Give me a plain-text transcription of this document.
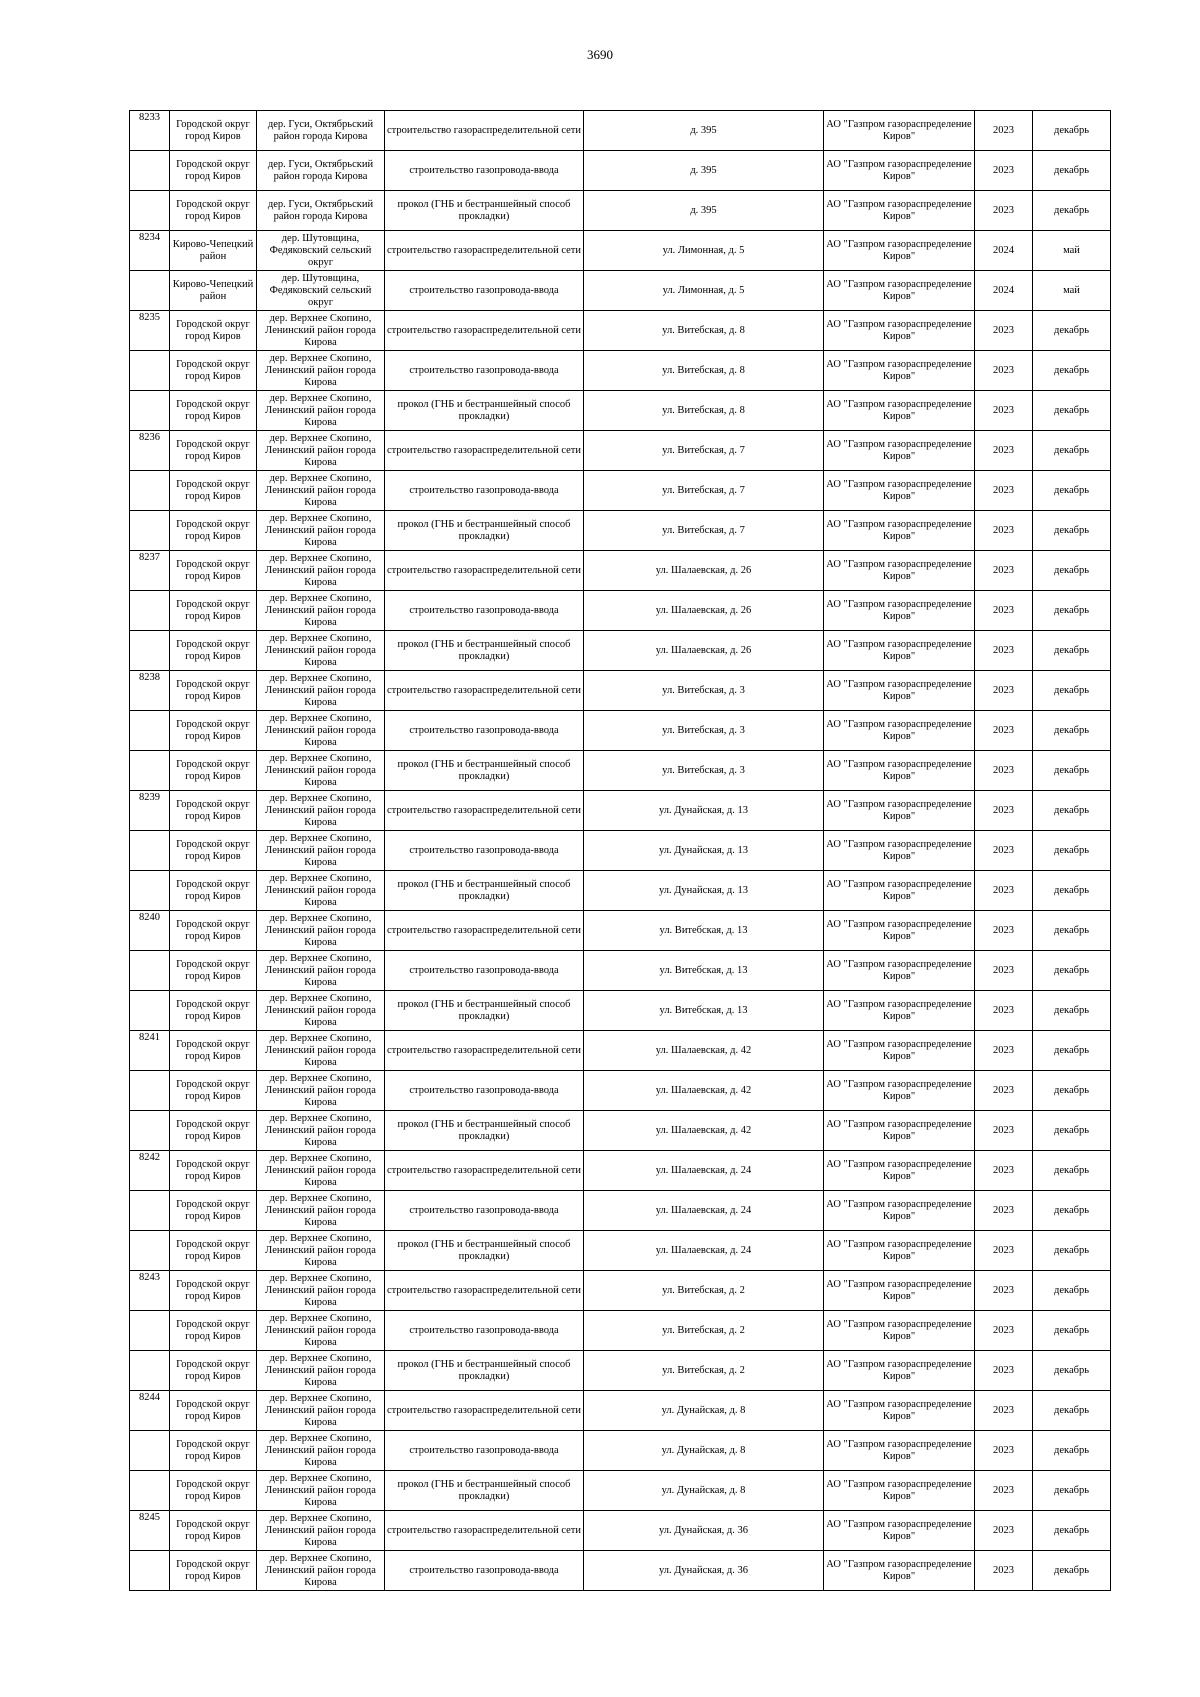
3690
8233	Городской округ город Киров	дер. Гуси, Октябрьский район города Кирова	строительство газораспределительной сети	д. 395	АО "Газпром газораспределение Киров"	2023	декабрь

	Городской округ город Киров	дер. Гуси, Октябрьский район города Кирова	строительство газопровода-ввода	д. 395	АО "Газпром газораспределение Киров"	2023	декабрь

	Городской округ город Киров	дер. Гуси, Октябрьский район города Кирова	прокол (ГНБ и бестраншейный способ прокладки)	д. 395	АО "Газпром газораспределение Киров"	2023	декабрь

8234	Кирово-Чепецкий район	дер. Шутовщина, Федяковский сельский округ	строительство газораспределительной сети	ул. Лимонная, д. 5	АО "Газпром газораспределение Киров"	2024	май

	Кирово-Чепецкий район	дер. Шутовщина, Федяковский сельский округ	строительство газопровода-ввода	ул. Лимонная, д. 5	АО "Газпром газораспределение Киров"	2024	май

8235	Городской округ город Киров	дер. Верхнее Скопино, Ленинский район города Кирова	строительство газораспределительной сети	ул. Витебская, д. 8	АО "Газпром газораспределение Киров"	2023	декабрь

	Городской округ город Киров	дер. Верхнее Скопино, Ленинский район города Кирова	строительство газопровода-ввода	ул. Витебская, д. 8	АО "Газпром газораспределение Киров"	2023	декабрь

	Городской округ город Киров	дер. Верхнее Скопино, Ленинский район города Кирова	прокол (ГНБ и бестраншейный способ прокладки)	ул. Витебская, д. 8	АО "Газпром газораспределение Киров"	2023	декабрь

8236	Городской округ город Киров	дер. Верхнее Скопино, Ленинский район города Кирова	строительство газораспределительной сети	ул. Витебская, д. 7	АО "Газпром газораспределение Киров"	2023	декабрь

	Городской округ город Киров	дер. Верхнее Скопино, Ленинский район города Кирова	строительство газопровода-ввода	ул. Витебская, д. 7	АО "Газпром газораспределение Киров"	2023	декабрь

	Городской округ город Киров	дер. Верхнее Скопино, Ленинский район города Кирова	прокол (ГНБ и бестраншейный способ прокладки)	ул. Витебская, д. 7	АО "Газпром газораспределение Киров"	2023	декабрь

8237	Городской округ город Киров	дер. Верхнее Скопино, Ленинский район города Кирова	строительство газораспределительной сети	ул. Шалаевская, д. 26	АО "Газпром газораспределение Киров"	2023	декабрь

	Городской округ город Киров	дер. Верхнее Скопино, Ленинский район города Кирова	строительство газопровода-ввода	ул. Шалаевская, д. 26	АО "Газпром газораспределение Киров"	2023	декабрь

	Городской округ город Киров	дер. Верхнее Скопино, Ленинский район города Кирова	прокол (ГНБ и бестраншейный способ прокладки)	ул. Шалаевская, д. 26	АО "Газпром газораспределение Киров"	2023	декабрь

8238	Городской округ город Киров	дер. Верхнее Скопино, Ленинский район города Кирова	строительство газораспределительной сети	ул. Витебская, д. 3	АО "Газпром газораспределение Киров"	2023	декабрь

	Городской округ город Киров	дер. Верхнее Скопино, Ленинский район города Кирова	строительство газопровода-ввода	ул. Витебская, д. 3	АО "Газпром газораспределение Киров"	2023	декабрь

	Городской округ город Киров	дер. Верхнее Скопино, Ленинский район города Кирова	прокол (ГНБ и бестраншейный способ прокладки)	ул. Витебская, д. 3	АО "Газпром газораспределение Киров"	2023	декабрь

8239	Городской округ город Киров	дер. Верхнее Скопино, Ленинский район города Кирова	строительство газораспределительной сети	ул. Дунайская, д. 13	АО "Газпром газораспределение Киров"	2023	декабрь

	Городской округ город Киров	дер. Верхнее Скопино, Ленинский район города Кирова	строительство газопровода-ввода	ул. Дунайская, д. 13	АО "Газпром газораспределение Киров"	2023	декабрь

	Городской округ город Киров	дер. Верхнее Скопино, Ленинский район города Кирова	прокол (ГНБ и бестраншейный способ прокладки)	ул. Дунайская, д. 13	АО "Газпром газораспределение Киров"	2023	декабрь

8240	Городской округ город Киров	дер. Верхнее Скопино, Ленинский район города Кирова	строительство газораспределительной сети	ул. Витебская, д. 13	АО "Газпром газораспределение Киров"	2023	декабрь

	Городской округ город Киров	дер. Верхнее Скопино, Ленинский район города Кирова	строительство газопровода-ввода	ул. Витебская, д. 13	АО "Газпром газораспределение Киров"	2023	декабрь

	Городской округ город Киров	дер. Верхнее Скопино, Ленинский район города Кирова	прокол (ГНБ и бестраншейный способ прокладки)	ул. Витебская, д. 13	АО "Газпром газораспределение Киров"	2023	декабрь

8241	Городской округ город Киров	дер. Верхнее Скопино, Ленинский район города Кирова	строительство газораспределительной сети	ул. Шалаевская, д. 42	АО "Газпром газораспределение Киров"	2023	декабрь

	Городской округ город Киров	дер. Верхнее Скопино, Ленинский район города Кирова	строительство газопровода-ввода	ул. Шалаевская, д. 42	АО "Газпром газораспределение Киров"	2023	декабрь

	Городской округ город Киров	дер. Верхнее Скопино, Ленинский район города Кирова	прокол (ГНБ и бестраншейный способ прокладки)	ул. Шалаевская, д. 42	АО "Газпром газораспределение Киров"	2023	декабрь

8242	Городской округ город Киров	дер. Верхнее Скопино, Ленинский район города Кирова	строительство газораспределительной сети	ул. Шалаевская, д. 24	АО "Газпром газораспределение Киров"	2023	декабрь

	Городской округ город Киров	дер. Верхнее Скопино, Ленинский район города Кирова	строительство газопровода-ввода	ул. Шалаевская, д. 24	АО "Газпром газораспределение Киров"	2023	декабрь

	Городской округ город Киров	дер. Верхнее Скопино, Ленинский район города Кирова	прокол (ГНБ и бестраншейный способ прокладки)	ул. Шалаевская, д. 24	АО "Газпром газораспределение Киров"	2023	декабрь

8243	Городской округ город Киров	дер. Верхнее Скопино, Ленинский район города Кирова	строительство газораспределительной сети	ул. Витебская, д. 2	АО "Газпром газораспределение Киров"	2023	декабрь

	Городской округ город Киров	дер. Верхнее Скопино, Ленинский район города Кирова	строительство газопровода-ввода	ул. Витебская, д. 2	АО "Газпром газораспределение Киров"	2023	декабрь

	Городской округ город Киров	дер. Верхнее Скопино, Ленинский район города Кирова	прокол (ГНБ и бестраншейный способ прокладки)	ул. Витебская, д. 2	АО "Газпром газораспределение Киров"	2023	декабрь

8244	Городской округ город Киров	дер. Верхнее Скопино, Ленинский район города Кирова	строительство газораспределительной сети	ул. Дунайская, д. 8	АО "Газпром газораспределение Киров"	2023	декабрь

	Городской округ город Киров	дер. Верхнее Скопино, Ленинский район города Кирова	строительство газопровода-ввода	ул. Дунайская, д. 8	АО "Газпром газораспределение Киров"	2023	декабрь

	Городской округ город Киров	дер. Верхнее Скопино, Ленинский район города Кирова	прокол (ГНБ и бестраншейный способ прокладки)	ул. Дунайская, д. 8	АО "Газпром газораспределение Киров"	2023	декабрь

8245	Городской округ город Киров	дер. Верхнее Скопино, Ленинский район города Кирова	строительство газораспределительной сети	ул. Дунайская, д. 36	АО "Газпром газораспределение Киров"	2023	декабрь

	Городской округ город Киров	дер. Верхнее Скопино, Ленинский район города Кирова	строительство газопровода-ввода	ул. Дунайская, д. 36	АО "Газпром газораспределение Киров"	2023	декабрь
